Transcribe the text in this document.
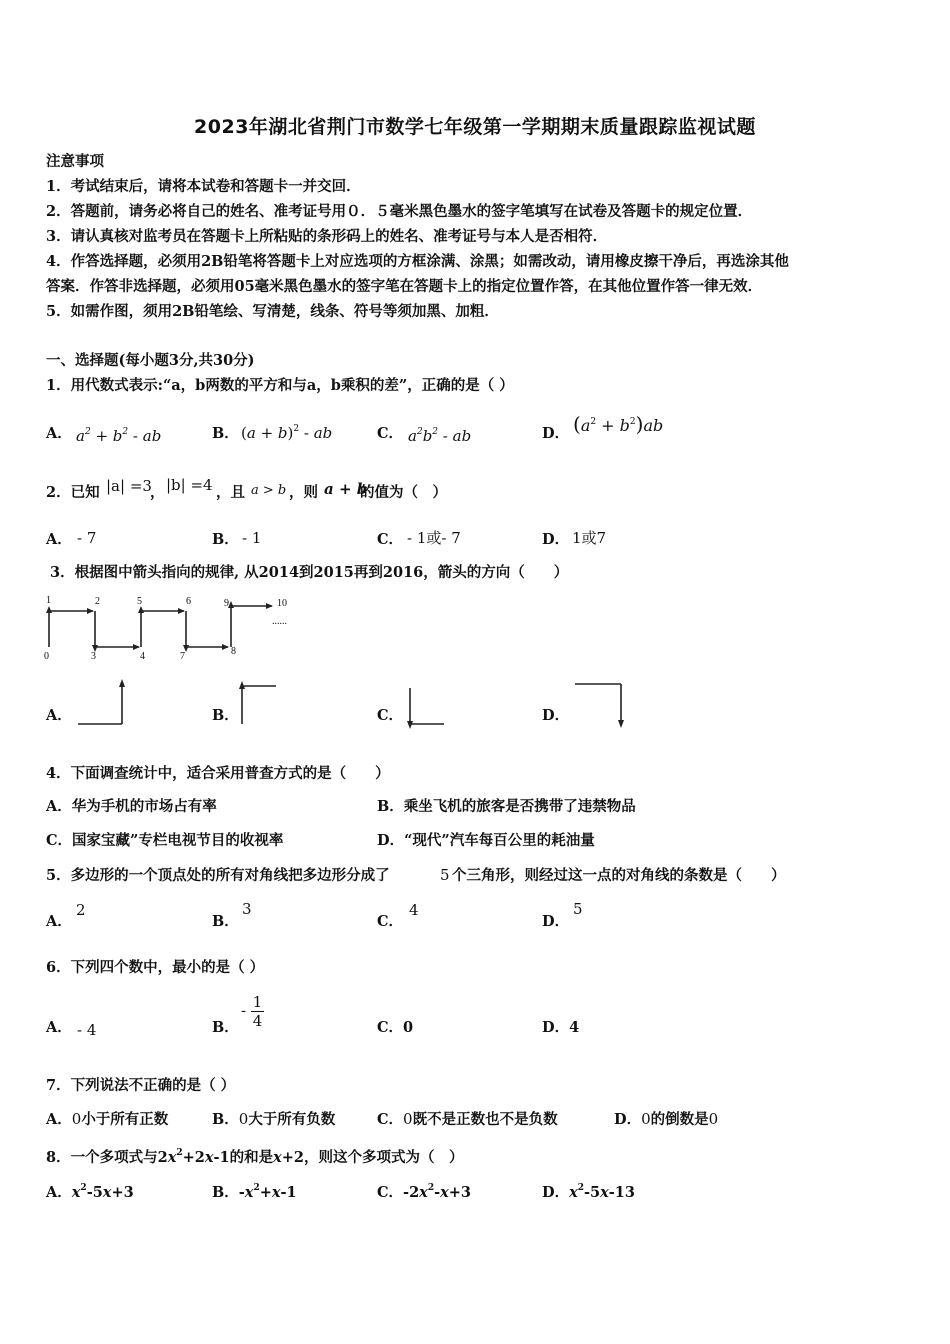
2023年湖北省荆门市数学七年级第一学期期末质量跟踪监视试题
注意事项
1．考试结束后，请将本试卷和答题卡一并交回．
2．答题前，请务必将自己的姓名、准考证号用０．５毫米黑色墨水的签字笔填写在试卷及答题卡的规定位置．
3．请认真核对监考员在答题卡上所粘贴的条形码上的姓名、准考证号与本人是否相符．
4．作答选择题，必须用2B铅笔将答题卡上对应选项的方框涂满、涂黑；如需改动，请用橡皮擦干净后，再选涂其他
答案．作答非选择题，必须用05毫米黑色墨水的签字笔在答题卡上的指定位置作答，在其他位置作答一律无效．
5．如需作图，须用2B铅笔绘、写清楚，线条、符号等须加黑、加粗．
一、选择题(每小题3分,共30分)
1．用代数式表示:“a，b两数的平方和与a，b乘积的差”，正确的是（ ）
A． $a^2 + b^2$ - ab	B． $(a + b)^2$ - ab	C． $a^2b^2$ - ab	D． $(a^2 + b^2)ab$
2．已知 |a| =3
， |b| =4 ，且 a > b ，则 a + b
的值为（　）
A． - 7	B． - 1	C． - 1或- 7	D． 1或7
3．根据图中箭头指向的规律, 从2014到2015再到2016，箭头的方向（　　）
0
1	2
3	4
5	6
7	8
9	10
......
A．	B．	C．	D．
4．下面调查统计中，适合采用普查方式的是（　　）
A．华为手机的市场占有率	B．乘坐飞机的旅客是否携带了违禁物品
C．国家宝藏”专栏电视节目的收视率	D．“现代”汽车每百公里的耗油量
5．多边形的一个顶点处的所有对角线把多边形分成了	5 个三角形，则经过这一点的对角线的条数是（　　）
A．
2
B．
3
C．
4
D．
5
6．下列四个数中，最小的是（ ）
A． - 4	B．
- $\frac{1}{4}$	C．0	D．4
7．下列说法不正确的是（ ）
A．0小于所有正数	B．0大于所有负数	C．0既不是正数也不是负数	D．0的倒数是0
8．一个多项式与$2x^2+2x-1$的和是x+2，则这个多项式为（　）
A．$x^2-5x+3$	B．$-x^2+x-1$	C．$-2x^2-x+3$	D．$x^2-5x-13$
